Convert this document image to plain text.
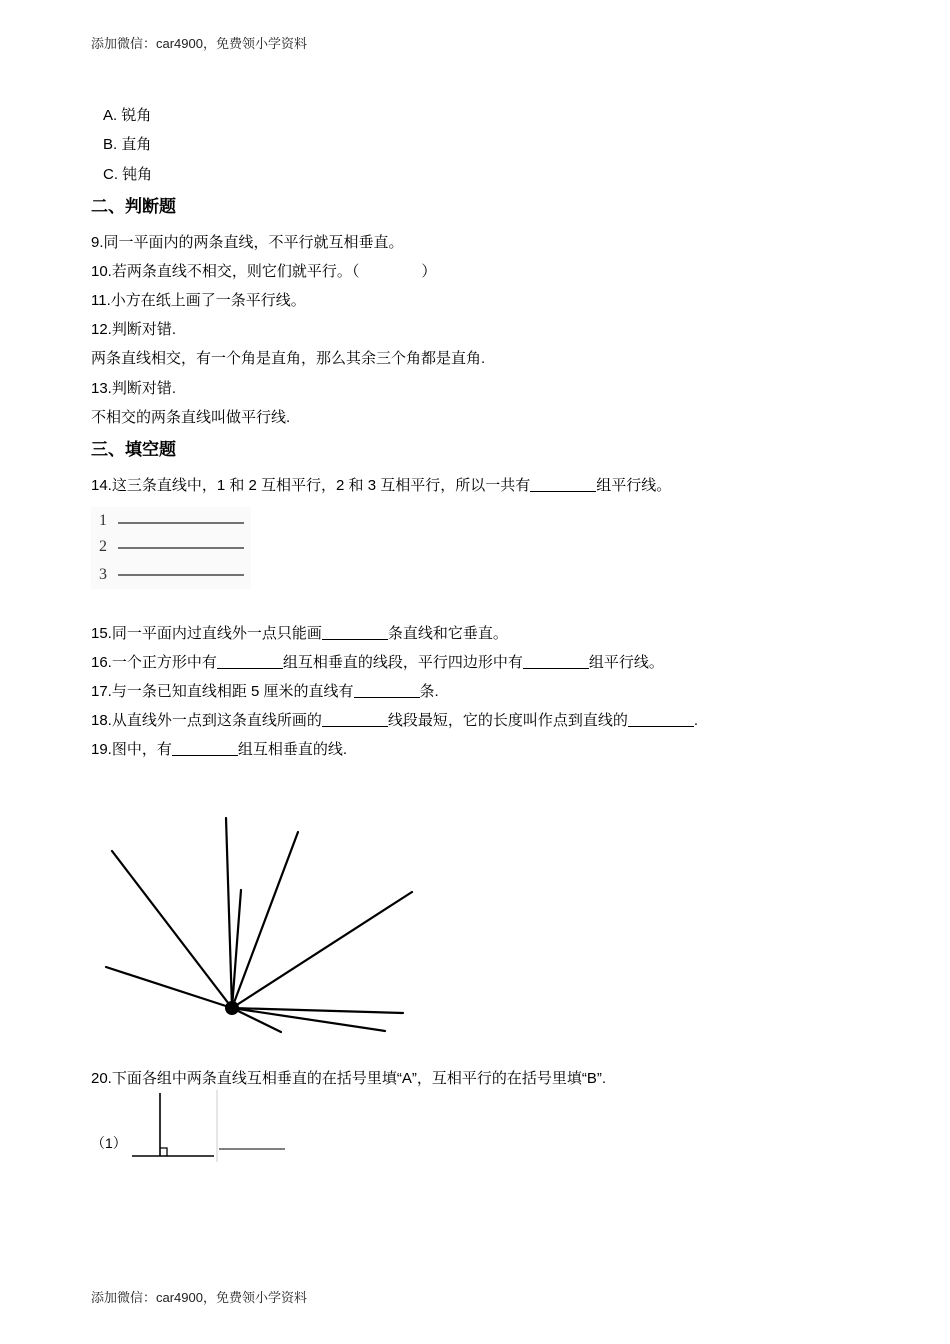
添加微信：car4900，免费领小学资料
A. 锐角
B. 直角
C. 钝角
二、判断题
9.同一平面内的两条直线，不平行就互相垂直。
10.若两条直线不相交，则它们就平行。（	）
11.小方在纸上画了一条平行线。
12.判断对错.
两条直线相交，有一个角是直角，那么其余三个角都是直角.
13.判断对错.
不相交的两条直线叫做平行线.
三、填空题
14.这三条直线中，1 和 2 互相平行，2 和 3 互相平行，所以一共有	组平行线。
1
2
3
15.同一平面内过直线外一点只能画	条直线和它垂直。
16.一个正方形中有	组互相垂直的线段，平行四边形中有	组平行线。
17.与一条已知直线相距 5 厘米的直线有	条.
18.从直线外一点到这条直线所画的	线段最短，它的长度叫作点到直线的	.
19.图中，有	组互相垂直的线.
20.下面各组中两条直线互相垂直的在括号里填“A”，互相平行的在括号里填“B”.
（1）
添加微信：car4900，免费领小学资料
